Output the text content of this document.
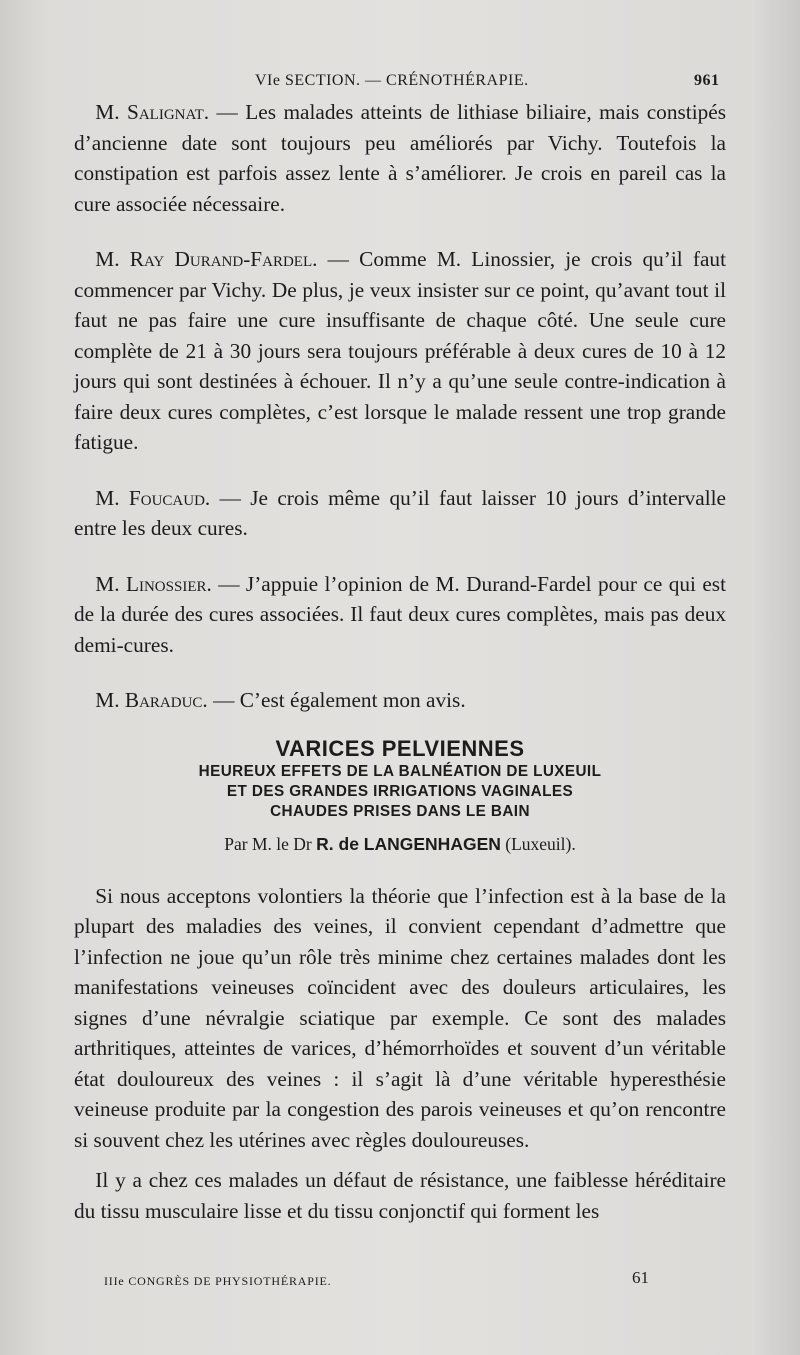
VIe SECTION. — CRÉNOTHÉRAPIE.	961

 M. Salignat. — Les malades atteints de lithiase biliaire, mais constipés d’ancienne date sont toujours peu améliorés par Vichy. Toutefois la constipation est parfois assez lente à s’améliorer. Je crois en pareil cas la cure associée nécessaire.

 M. Ray Durand-Fardel. — Comme M. Linossier, je crois qu’il faut commencer par Vichy. De plus, je veux insister sur ce point, qu’avant tout il faut ne pas faire une cure insuffisante de chaque côté. Une seule cure complète de 21 à 30 jours sera toujours préférable à deux cures de 10 à 12 jours qui sont destinées à échouer. Il n’y a qu’une seule contre-indication à faire deux cures complètes, c’est lorsque le malade ressent une trop grande fatigue.

 M. Foucaud. — Je crois même qu’il faut laisser 10 jours d’intervalle entre les deux cures.

 M. Linossier. — J’appuie l’opinion de M. Durand-Fardel pour ce qui est de la durée des cures associées. Il faut deux cures complètes, mais pas deux demi-cures.

 M. Baraduc. — C’est également mon avis.

VARICES PELVIENNES
HEUREUX EFFETS DE LA BALNÉATION DE LUXEUIL
ET DES GRANDES IRRIGATIONS VAGINALES
CHAUDES PRISES DANS LE BAIN
Par M. le Dr R. de LANGENHAGEN (Luxeuil).

 Si nous acceptons volontiers la théorie que l’infection est à la base de la plupart des maladies des veines, il convient cependant d’admettre que l’infection ne joue qu’un rôle très minime chez certaines malades dont les manifestations veineuses coïncident avec des douleurs articulaires, les signes d’une névralgie sciatique par exemple. Ce sont des malades arthritiques, atteintes de varices, d’hémorrhoïdes et souvent d’un véritable état douloureux des veines : il s’agit là d’une véritable hyperesthésie veineuse produite par la congestion des parois veineuses et qu’on rencontre si souvent chez les utérines avec règles douloureuses.

 Il y a chez ces malades un défaut de résistance, une faiblesse héréditaire du tissu musculaire lisse et du tissu conjonctif qui forment les

IIIe CONGRÈS DE PHYSIOTHÉRAPIE.	61
